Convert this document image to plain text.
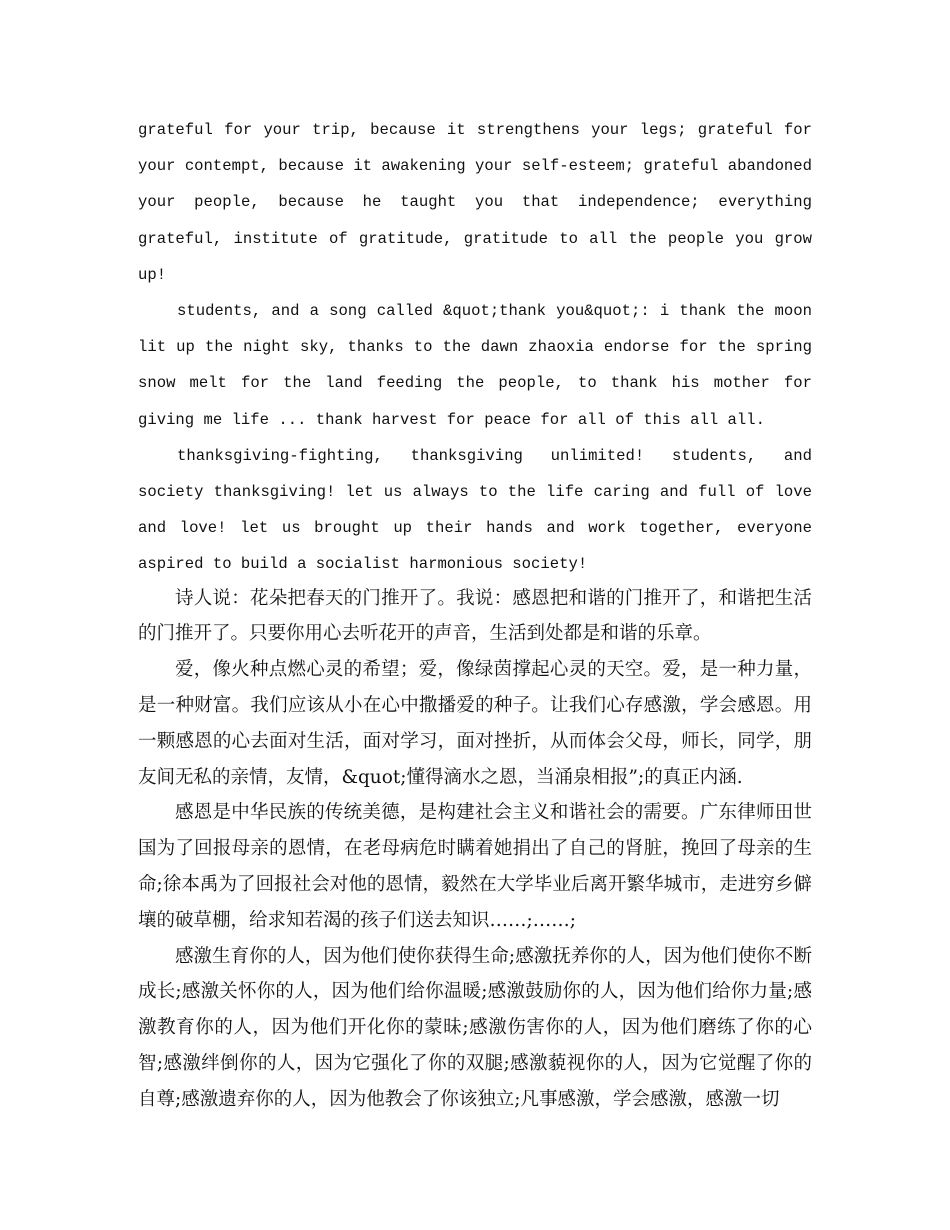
grateful for your trip, because it strengthens your legs; grateful for your contempt, because it awakening your self-esteem; grateful abandoned your people, because he taught you that independence; everything grateful, institute of gratitude, gratitude to all the people you grow up!

students, and a song called &quot;thank you&quot;: i thank the moon lit up the night sky, thanks to the dawn zhaoxia endorse for the spring snow melt for the land feeding the people, to thank his mother for giving me life ... thank harvest for peace for all of this all all.

thanksgiving-fighting, thanksgiving unlimited! students, and society thanksgiving! let us always to the life caring and full of love and love! let us brought up their hands and work together, everyone aspired to build a socialist harmonious society!

诗人说：花朵把春天的门推开了。我说：感恩把和谐的门推开了，和谐把生活的门推开了。只要你用心去听花开的声音，生活到处都是和谐的乐章。

爱，像火种点燃心灵的希望；爱，像绿茵撑起心灵的天空。爱，是一种力量，是一种财富。我们应该从小在心中撒播爱的种子。让我们心存感激，学会感恩。用一颗感恩的心去面对生活，面对学习，面对挫折，从而体会父母，师长，同学，朋友间无私的亲情，友情，&quot;懂得滴水之恩，当涌泉相报”;的真正内涵.

感恩是中华民族的传统美德，是构建社会主义和谐社会的需要。广东律师田世国为了回报母亲的恩情，在老母病危时瞒着她捐出了自己的肾脏，挽回了母亲的生命;徐本禹为了回报社会对他的恩情，毅然在大学毕业后离开繁华城市，走进穷乡僻壤的破草棚，给求知若渴的孩子们送去知识……;……;

感激生育你的人，因为他们使你获得生命;感激抚养你的人，因为他们使你不断成长;感激关怀你的人，因为他们给你温暖;感激鼓励你的人，因为他们给你力量;感激教育你的人，因为他们开化你的蒙昧;感激伤害你的人，因为他们磨练了你的心智;感激绊倒你的人，因为它强化了你的双腿;感激藐视你的人，因为它觉醒了你的自尊;感激遗弃你的人，因为他教会了你该独立;凡事感激，学会感激，感激一切
